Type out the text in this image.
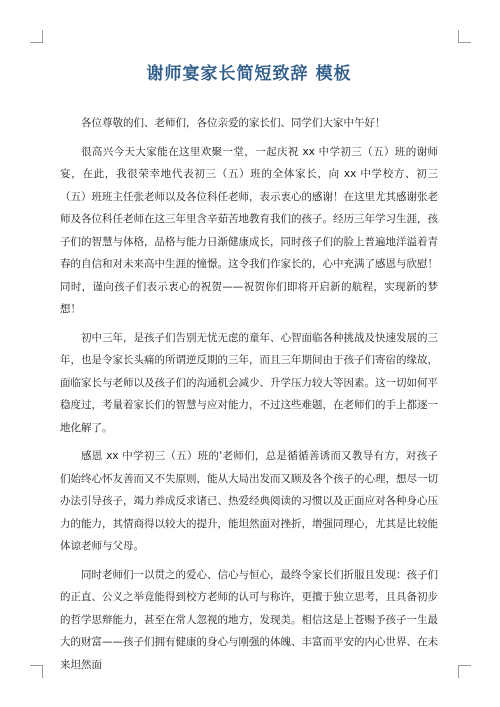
谢师宴家长简短致辞 模板

各位尊敬的们、老师们，各位亲爱的家长们、同学们大家中午好！

很高兴今天大家能在这里欢聚一堂，一起庆祝 xx 中学初三（五）班的谢师宴，在此，我很荣幸地代表初三（五）班的全体家长，向 xx 中学校方、初三（五）班班主任张老师以及各位科任老师，表示衷心的感谢！在这里尤其感谢张老师及各位科任老师在这三年里含辛茹苦地教育我们的孩子。经历三年学习生涯，孩子们的智慧与体格，品格与能力日渐健康成长，同时孩子们的脸上普遍地洋溢着青春的自信和对未来高中生涯的憧憬。这令我们作家长的，心中充满了感恩与欣慰！同时，谨向孩子们表示衷心的祝贺——祝贺你们即将开启新的航程，实现新的梦想！

初中三年，是孩子们告别无忧无虑的童年、心智面临各种挑战及快速发展的三年，也是令家长头痛的所谓逆反期的三年，而且三年期间由于孩子们寄宿的缘故，面临家长与老师以及孩子们的沟通机会减少、升学压力较大等因素。这一切如何平稳度过，考量着家长们的智慧与应对能力，不过这些难题，在老师们的手上都逐一地化解了。

感恩 xx 中学初三（五）班的'老师们，总是循循善诱而又教导有方，对孩子们始终心怀友善而又不失原则，能从大局出发而又顾及各个孩子的心理，想尽一切办法引导孩子，竭力养成反求诸已、热爱经典阅读的习惯以及正面应对各种身心压力的能力，其情商得以较大的提升，能坦然面对挫折，增强同理心，尤其是比较能体谅老师与父母。

同时老师们一以贯之的爱心、信心与恒心，最终令家长们折服且发现：孩子们的正直、公义之举竟能得到校方老师的认可与称许，更擅于独立思考，且具备初步的哲学思辩能力，甚至在常人忽视的地方，发现美。相信这是上苍赐予孩子一生最大的财富——孩子们拥有健康的身心与刚强的体魄、丰富而平安的内心世界、在未来坦然面
